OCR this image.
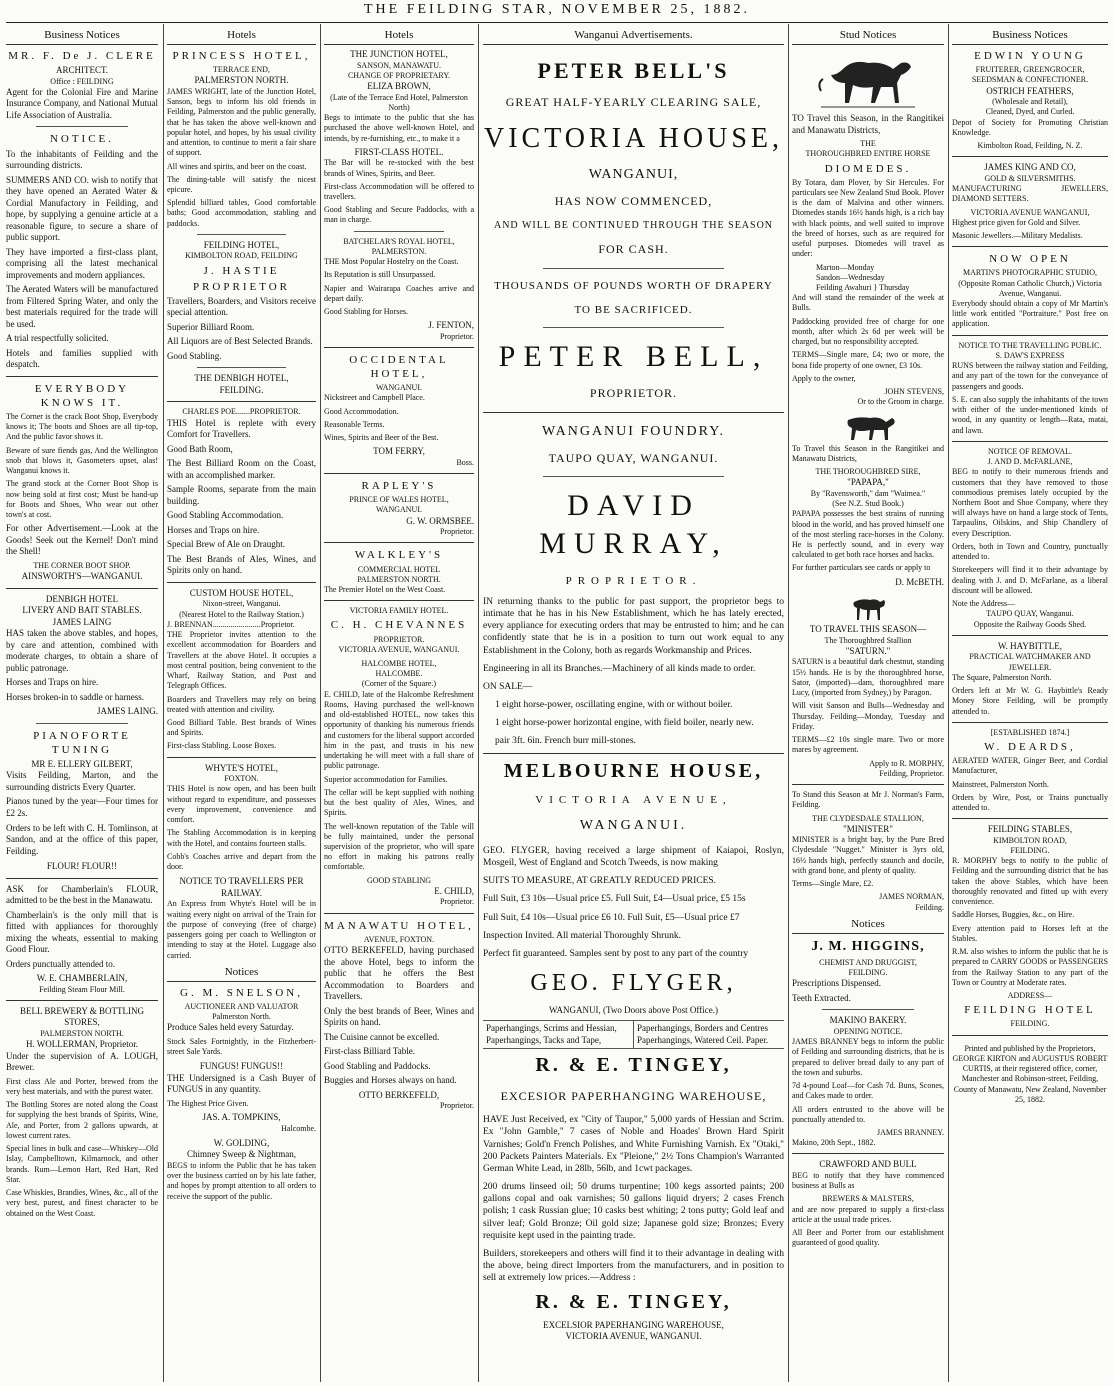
THE FEILDING STAR, NOVEMBER 25, 1882.
Business Notices
MR. F. De J. CLERE
ARCHITECT.
Office : FEILDING

Agent for the Colonial Fire and Marine Insurance Company, and National Mutual Life Association of Australia.

NOTICE.

To the inhabitants of Feilding and the surrounding districts.

SUMMERS AND CO. wish to notify that they have opened an Aerated Water & Cordial Manufactory in Feilding, and hope, by supplying a genuine article at a reasonable figure, to secure a share of public support.

They have imported a first-class plant, comprising all the latest mechanical improvements and modern appliances.

The Aerated Waters will be manufactured from Filtered Spring Water, and only the best materials required for the trade will be used.

A trial respectfully solicited.

Hotels and families supplied with despatch.

EVERYBODY KNOWS IT.

The Corner is the crack Boot Shop, Everybody knows it; The boots and Shoes are all tip-top, And the public favor shows it.

Beware of sure fiends gas, And the Wellington snob that blows it, Gasometers upset, alas! Wanganui knows it.

The grand stock at the Corner Boot Shop is now being sold at first cost; Must be hand-up for Boots and Shoes, Who wear out other town's at cost.

For other Advertisement.—Look at the Goods! Seek out the Kernel! Don't mind the Shell!

THE CORNER BOOT SHOP.
AINSWORTH'S—WANGANUI.
DENBIGH HOTEL
LIVERY AND BAIT STABLES.
JAMES LAING

HAS taken the above stables, and hopes, by care and attention, combined with moderate charges, to obtain a share of public patronage.

Horses and Traps on hire.

Horses broken-in to saddle or harness.

JAMES LAING.
PIANOFORTE TUNING
MR E. ELLERY GILBERT,

Visits Feilding, Marton, and the surrounding districts Every Quarter.

Pianos tuned by the year—Four times for £2 2s.

Orders to be left with C. H. Tomlinson, at Sandon, and at the office of this paper, Feilding.

FLOUR! FLOUR!!

ASK for Chamberlain's FLOUR, admitted to be the best in the Manawatu.

Chamberlain's is the only mill that is fitted with appliances for thoroughly mixing the wheats, essential to making Good Flour.

Orders punctually attended to.

W. E. CHAMBERLAIN,
Feilding Steam Flour Mill.
BELL BREWERY & BOTTLING STORES,
PALMERSTON NORTH.
H. WOLLERMAN, Proprietor.

Under the supervision of A. LOUGH, Brewer.

First class Ale and Porter, brewed from the very best materials, and with the purest water.

The Bottling Stores are noted along the Coast for supplying the best brands of Spirits, Wine, Ale, and Porter, from 2 gallons upwards, at lowest current rates.

Special lines in bulk and case—Whiskey—Old Islay, Campbelltown, Kilmarnock, and other brands. Rum—Lemon Hart, Red Hart, Red Star.

Case Whiskies, Brandies, Wines, &c., all of the very best, purest, and finest character to be obtained on the West Coast.

Hotels
PRINCESS HOTEL,
TERRACE END,
PALMERSTON NORTH.

JAMES WRIGHT, late of the Junction Hotel, Sanson, begs to inform his old friends in Feilding, Palmerston and the public generally, that he has taken the above well-known and popular hotel, and hopes, by his usual civility and attention, to continue to merit a fair share of support.

All wines and spirits, and beer on the coast.

The dining-table will satisfy the nicest epicure.

Splendid billiard tables, Good comfortable baths; Good accommodation, stabling and paddocks.

FEILDING HOTEL,
KIMBOLTON ROAD, FEILDING
J. HASTIE
PROPRIETOR

Travellers, Boarders, and Visitors receive special attention.

Superior Billiard Room.

All Liquors are of Best Selected Brands.

Good Stabling.

THE DENBIGH HOTEL,
FEILDING.
CHARLES POE.......PROPRIETOR.

THIS Hotel is replete with every Comfort for Travellers.

Good Bath Room,

The Best Billiard Room on the Coast, with an accomplished marker.

Sample Rooms, separate from the main building.

Good Stabling Accommodation.

Horses and Traps on hire.

Special Brew of Ale on Draught.

The Best Brands of Ales, Wines, and Spirits only on hand.

CUSTOM HOUSE HOTEL,
Nixon-street, Wanganui.
(Nearest Hotel to the Railway Station.)
J. BRENNAN........................Proprietor.

THE Proprietor invites attention to the excellent accommodation for Boarders and Travellers at the above Hotel. It occupies a most central position, being convenient to the Wharf, Railway Station, and Post and Telegraph Offices.

Boarders and Travellers may rely on being treated with attention and civility.

Good Billiard Table. Best brands of Wines and Spirits.

First-class Stabling. Loose Boxes.

WHYTE'S HOTEL,
FOXTON.

THIS Hotel is now open, and has been built without regard to expenditure, and possesses every improvement, convenience and comfort.

The Stabling Accommodation is in keeping with the Hotel, and contains fourteen stalls.

Cobb's Coaches arrive and depart from the door.

NOTICE TO TRAVELLERS PER RAILWAY.

An Express from Whyte's Hotel will be in waiting every night on arrival of the Train for the purpose of conveying (free of charge) passengers going per coach to Wellington or intending to stay at the Hotel. Luggage also carried.

Notices
G. M. SNELSON,
AUCTIONEER AND VALUATOR
Palmerston North.

Produce Sales held every Saturday.

Stock Sales Fortnightly, in the Fitzherbert-street Sale Yards.

FUNGUS! FUNGUS!!

THE Undersigned is a Cash Buyer of FUNGUS in any quantity.

The Highest Price Given.

JAS. A. TOMPKINS,
Halcombe.
W. GOLDING,
Chimney Sweep & Nightman,

BEGS to inform the Public that he has taken over the business carried on by his late father, and hopes by prompt attention to all orders to receive the support of the public.

Hotels
THE JUNCTION HOTEL,
SANSON, MANAWATU.
CHANGE OF PROPRIETARY.
ELIZA BROWN,
(Late of the Terrace End Hotel, Palmerston North)

Begs to intimate to the public that she has purchased the above well-known Hotel, and intends, by re-furnishing, etc., to make it a

FIRST-CLASS HOTEL.

The Bar will be re-stocked with the best brands of Wines, Spirits, and Beer.

First-class Accommodation will be offered to travellers.

Good Stabling and Secure Paddocks, with a man in charge.

BATCHELAR'S ROYAL HOTEL,
PALMERSTON.

THE Most Popular Hostelry on the Coast.

Its Reputation is still Unsurpassed.

Napier and Wairarapa Coaches arrive and depart daily.

Good Stabling for Horses.

J. FENTON,
Proprietor.
OCCIDENTAL HOTEL,
WANGANUI.

Nickstreet and Campbell Place.

Good Accommodation.

Reasonable Terms.

Wines, Spirits and Beer of the Best.

TOM FERRY,
Boss.
RAPLEY'S
PRINCE OF WALES HOTEL,
WANGANUI.
G. W. ORMSBEE.
Proprietor.
WALKLEY'S
COMMERCIAL HOTEL
PALMERSTON NORTH.

The Premier Hotel on the West Coast.

VICTORIA FAMILY HOTEL.
C. H. CHEVANNES
PROPRIETOR.
VICTORIA AVENUE, WANGANUI.
HALCOMBE HOTEL,
HALCOMBE.
(Corner of the Square.)

E. CHILD, late of the Halcombe Refreshment Rooms, Having purchased the well-known and old-established HOTEL, now takes this opportunity of thanking his numerous friends and customers for the liberal support accorded him in the past, and trusts in his new undertaking he will meet with a full share of public patronage.

Superior accommodation for Families.

The cellar will be kept supplied with nothing but the best quality of Ales, Wines, and Spirits.

The well-known reputation of the Table will be fully maintained, under the personal supervision of the proprietor, who will spare no effort in making his patrons really comfortable.

GOOD STABLING
E. CHILD,
Proprietor.
MANAWATU HOTEL,
AVENUE, FOXTON.

OTTO BERKEFELD, having purchased the above Hotel, begs to inform the public that he offers the Best Accommodation to Boarders and Travellers.

Only the best brands of Beer, Wines and Spirits on hand.

The Cuisine cannot be excelled.

First-class Billiard Table.

Good Stabling and Paddocks.

Buggies and Horses always on hand.

OTTO BERKEFELD,
Proprietor.
Wanganui Advertisements.
PETER BELL'S
GREAT HALF-YEARLY CLEARING SALE,
VICTORIA HOUSE,
WANGANUI,
HAS NOW COMMENCED,
AND WILL BE CONTINUED THROUGH THE SEASON
FOR CASH.
THOUSANDS OF POUNDS WORTH OF DRAPERY
TO BE SACRIFICED.
PETER BELL,
PROPRIETOR.
WANGANUI FOUNDRY.
TAUPO QUAY, WANGANUI.
DAVID MURRAY,
PROPRIETOR.

IN returning thanks to the public for past support, the proprietor begs to intimate that he has in his New Establishment, which he has lately erected, every appliance for executing orders that may be entrusted to him; and he can confidently state that he is in a position to turn out work equal to any Establishment in the Colony, both as regards Workmanship and Prices.

Engineering in all its Branches.—Machinery of all kinds made to order.

ON SALE—

1 eight horse-power, oscillating engine, with or without boiler.

1 eight horse-power horizontal engine, with field boiler, nearly new.

pair 3ft. 6in. French burr mill-stones.

MELBOURNE HOUSE,
VICTORIA AVENUE,
WANGANUI.

GEO. FLYGER, having received a large shipment of Kaiapoi, Roslyn, Mosgeil, West of England and Scotch Tweeds, is now making

SUITS TO MEASURE, AT GREATLY REDUCED PRICES.

Full Suit, £3 10s—Usual price £5. Full Suit, £4—Usual price, £5 15s

Full Suit, £4 10s—Usual price £6 10. Full Suit, £5—Usual price £7

Inspection Invited. All material Thoroughly Shrunk.

Perfect fit guaranteed. Samples sent by post to any part of the country

GEO. FLYGER,
WANGANUI, (Two Doors above Post Office.)
Paperhangings, Scrims and Hessian, Paperhangings, Tacks and Tape,
Paperhangings, Borders and Centres Paperhangings, Watered Ceil. Paper.
R. & E. TINGEY,
EXCESIOR PAPERHANGING WAREHOUSE,

HAVE Just Received, ex "City of Taupor," 5,000 yards of Hessian and Scrim. Ex "John Gamble," 7 cases of Noble and Hoades' Brown Hard Spirit Varnishes; Gold'n French Polishes, and White Furnishing Varnish. Ex "Otaki," 200 Packets Painters Materials. Ex "Pleione," 2½ Tons Champion's Warranted German White Lead, in 28lb, 56lb, and 1cwt packages.

200 drums linseed oil; 50 drums turpentine; 100 kegs assorted paints; 200 gallons copal and oak varnishes; 50 gallons liquid dryers; 2 cases French polish; 1 cask Russian glue; 10 casks best whiting; 2 tons putty; Gold leaf and silver leaf; Gold Bronze; Oil gold size; Japanese gold size; Bronzes; Every requisite kept used in the painting trade.

Builders, storekeepers and others will find it to their advantage in dealing with the above, being direct Importers from the manufacturers, and in position to sell at extremely low prices.—Address :

R. & E. TINGEY,
EXCELSIOR PAPERHANGING WAREHOUSE,
VICTORIA AVENUE, WANGANUI.
Stud Notices

TO Travel this Season, in the Rangitikei and Manawatu Districts,

THE
THOROUGHBRED ENTIRE HORSE
DIOMEDES.

By Totara, dam Plover, by Sir Hercules. For particulars see New Zealand Stud Book. Plover is the dam of Malvina and other winners. Diomedes stands 16½ hands high, is a rich bay with black points, and well suited to improve the breed of horses, such as are required for useful purposes. Diomedes will travel as under:

Marton—Monday
Sandon—Wednesday
Feilding Awahuri } Thursday

And will stand the remainder of the week at Bulls.

Paddocking provided free of charge for one month, after which 2s 6d per week will be charged, but no responsibility accepted.

TERMS—Single mare, £4; two or more, the bona fide property of one owner, £3 10s.

Apply to the owner,

JOHN STEVENS,
Or to the Groom in charge.

To Travel this Season in the Rangitikei and Manawatu Districts,

THE THOROUGHBRED SIRE,
"PAPAPA,"
By "Ravensworth," dam "Waimea."
(See N.Z. Stud Book.)

PAPAPA possesses the best strains of running blood in the world, and has proved himself one of the most sterling race-horses in the Colony. He is perfectly sound, and in every way calculated to get both race horses and hacks.

For further particulars see cards or apply to

D. McBETH.
TO TRAVEL THIS SEASON—
The Thoroughbred Stallion
"SATURN."

SATURN is a beautiful dark chestnut, standing 15½ hands. He is by the thoroughbred horse, Sator, (imported)—dam, thoroughbred mare Lucy, (imported from Sydney,) by Paragon.

Will visit Sanson and Bulls—Wednesday and Thursday. Feilding—Monday, Tuesday and Friday.

TERMS—£2 10s single mare. Two or more mares by agreement.

Apply to R. MORPHY,
Feilding, Proprietor.

To Stand this Season at Mr J. Norman's Farm, Feilding.

THE CLYDESDALE STALLION,
"MINISTER"

MINISTER is a bright bay, by the Pure Bred Clydesdale "Nugget." Minister is 3yrs old, 16½ hands high, perfectly staunch and docile, with grand bone, and plenty of quality.

Terms—Single Mare, £2.

JAMES NORMAN,
Feilding.
Notices
J. M. HIGGINS,
CHEMIST AND DRUGGIST,
FEILDING.

Prescriptions Dispensed.

Teeth Extracted.

MAKINO BAKERY.
OPENING NOTICE.

JAMES BRANNEY begs to inform the public of Feilding and surrounding districts, that he is prepared to deliver bread daily to any part of the town and suburbs.

7d 4-pound Loaf—for Cash 7d. Buns, Scones, and Cakes made to order.

All orders entrusted to the above will be punctually attended to.

JAMES BRANNEY.
Makino, 20th Sept., 1882.
CRAWFORD AND BULL

BEG to notify that they have commenced business at Bulls as

BREWERS & MALSTERS,

and are now prepared to supply a first-class article at the usual trade prices.

All Beer and Porter from our establishment guaranteed of good quality.

Business Notices
EDWIN YOUNG
FRUITERER, GREENGROCER,
SEEDSMAN & CONFECTIONER.
OSTRICH FEATHERS,
(Wholesale and Retail),
Cleaned, Dyed, and Curled.

Depot of Society for Promoting Christian Knowledge.

Kimbolton Road, Feilding, N. Z.
JAMES KING AND CO,
GOLD & SILVERSMITHS.

MANUFACTURING JEWELLERS, DIAMOND SETTERS.

VICTORIA AVENUE WANGANUI,

Highest price given for Gold and Silver.

Masonic Jewellers.—Military Medalists.

NOW OPEN
MARTIN'S PHOTOGRAPHIC STUDIO,
(Opposite Roman Catholic Church,) Victoria Avenue, Wanganui.

Everybody should obtain a copy of Mr Martin's little work entitled "Portraiture." Post free on application.

NOTICE TO THE TRAVELLING PUBLIC.
S. DAW'S EXPRESS

RUNS between the railway station and Feilding, and any part of the town for the conveyance of passengers and goods.

S. E. can also supply the inhabitants of the town with either of the under-mentioned kinds of wood, in any quantity or length—Rata, matai, and lawn.

NOTICE OF REMOVAL.
J. AND D. McFARLANE,

BEG to notify to their numerous friends and customers that they have removed to those commodious premises lately occupied by the Northern Boot and Shoe Company, where they will always have on hand a large stock of Tents, Tarpaulins, Oilskins, and Ship Chandlery of every Description.

Orders, both in Town and Country, punctually attended to.

Storekeepers will find it to their advantage by dealing with J. and D. McFarlane, as a liberal discount will be allowed.

Note the Address—
TAUPO QUAY, Wanganui.
Opposite the Railway Goods Shed.
W. HAYBITTLE,
PRACTICAL WATCHMAKER AND JEWELLER.

The Square, Palmerston North.

Orders left at Mr W. G. Haybittle's Ready Money Store Feilding, will be promptly attended to.

[ESTABLISHED 1874.]
W. DEARDS,

AERATED WATER, Ginger Beer, and Cordial Manufacturer,

Mainstreet, Palmerston North.

Orders by Wire, Post, or Trains punctually attended to.

FEILDING STABLES,
KIMBOLTON ROAD,
FEILDING.

R. MORPHY begs to notify to the public of Feilding and the surrounding district that he has taken the above Stables, which have been thoroughly renovated and fitted up with every convenience.

Saddle Horses, Buggies, &c., on Hire.

Every attention paid to Horses left at the Stables.

R.M. also wishes to inform the public that he is prepared to CARRY GOODS or PASSENGERS from the Railway Station to any part of the Town or Country at Moderate rates.

ADDRESS—
FEILDING HOTEL
FEILDING.

Printed and published by the Proprietors, GEORGE KIRTON and AUGUSTUS ROBERT CURTIS, at their registered office, corner, Manchester and Robinson-street, Feilding, County of Manawatu, New Zealand, November 25, 1882.
